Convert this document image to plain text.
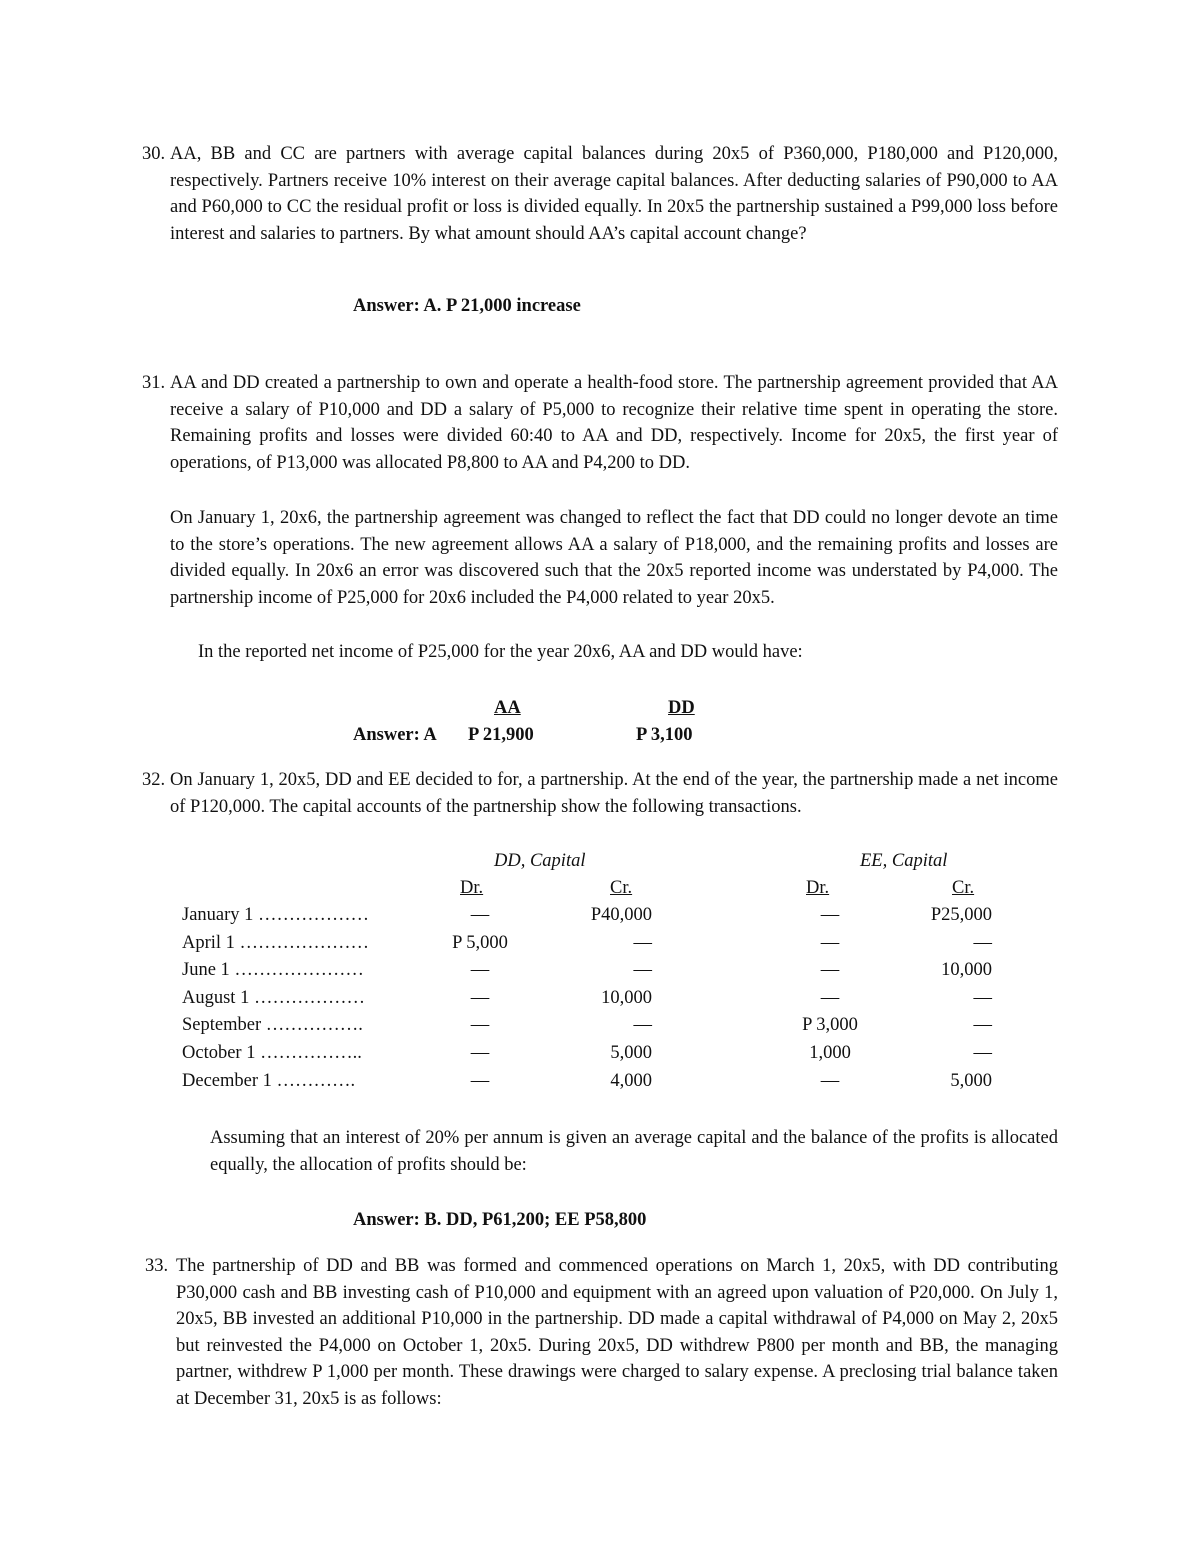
30. AA, BB and CC are partners with average capital balances during 20x5 of P360,000, P180,000 and P120,000, respectively. Partners receive 10% interest on their average capital balances. After deducting salaries of P90,000 to AA and P60,000 to CC the residual profit or loss is divided equally. In 20x5 the partnership sustained a P99,000 loss before interest and salaries to partners. By what amount should AA’s capital account change?
Answer: A. P 21,000 increase
31. AA and DD created a partnership to own and operate a health-food store. The partnership agreement provided that AA receive a salary of P10,000 and DD a salary of P5,000 to recognize their relative time spent in operating the store. Remaining profits and losses were divided 60:40 to AA and DD, respectively. Income for 20x5, the first year of operations, of P13,000 was allocated P8,800 to AA and P4,200 to DD.
On January 1, 20x6, the partnership agreement was changed to reflect the fact that DD could no longer devote an time to the store’s operations. The new agreement allows AA a salary of P18,000, and the remaining profits and losses are divided equally. In 20x6 an error was discovered such that the 20x5 reported income was understated by P4,000. The partnership income of P25,000 for 20x6 included the P4,000 related to year 20x5.
In the reported net income of P25,000 for the year 20x6, AA and DD would have:
AA	DD
Answer: A P 21,900	P 3,100
32. On January 1, 20x5, DD and EE decided to for, a partnership. At the end of the year, the partnership made a net income of P120,000. The capital accounts of the partnership show the following transactions.
DD, Capital	EE, Capital
Dr.	Cr.	Dr.	Cr.
January 1 ………………	—	P40,000	—	P25,000
April 1 …………………	P 5,000	—	—	—
June 1 …………………	—	—	—	10,000
August 1 ………………	—	10,000	—	—
September …………….	—	—	P 3,000	—
October 1 ……………..	—	5,000	1,000	—
December 1 ………….	—	4,000	—	5,000
Assuming that an interest of 20% per annum is given an average capital and the balance of the profits is allocated equally, the allocation of profits should be:
Answer: B. DD, P61,200; EE P58,800
33. The partnership of DD and BB was formed and commenced operations on March 1, 20x5, with DD contributing P30,000 cash and BB investing cash of P10,000 and equipment with an agreed upon valuation of P20,000. On July 1, 20x5, BB invested an additional P10,000 in the partnership. DD made a capital withdrawal of P4,000 on May 2, 20x5 but reinvested the P4,000 on October 1, 20x5. During 20x5, DD withdrew P800 per month and BB, the managing partner, withdrew P 1,000 per month. These drawings were charged to salary expense. A preclosing trial balance taken at December 31, 20x5 is as follows:
